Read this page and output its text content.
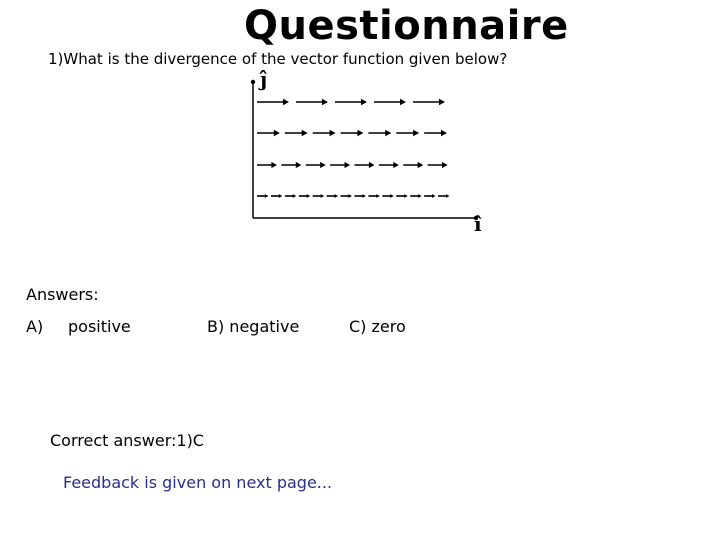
Questionnaire
1)What is the divergence of the vector function given below?
ĵ
î
Answers:
A) positive	B) negative	C) zero
Correct answer:1)C
Feedback is given on next page...
